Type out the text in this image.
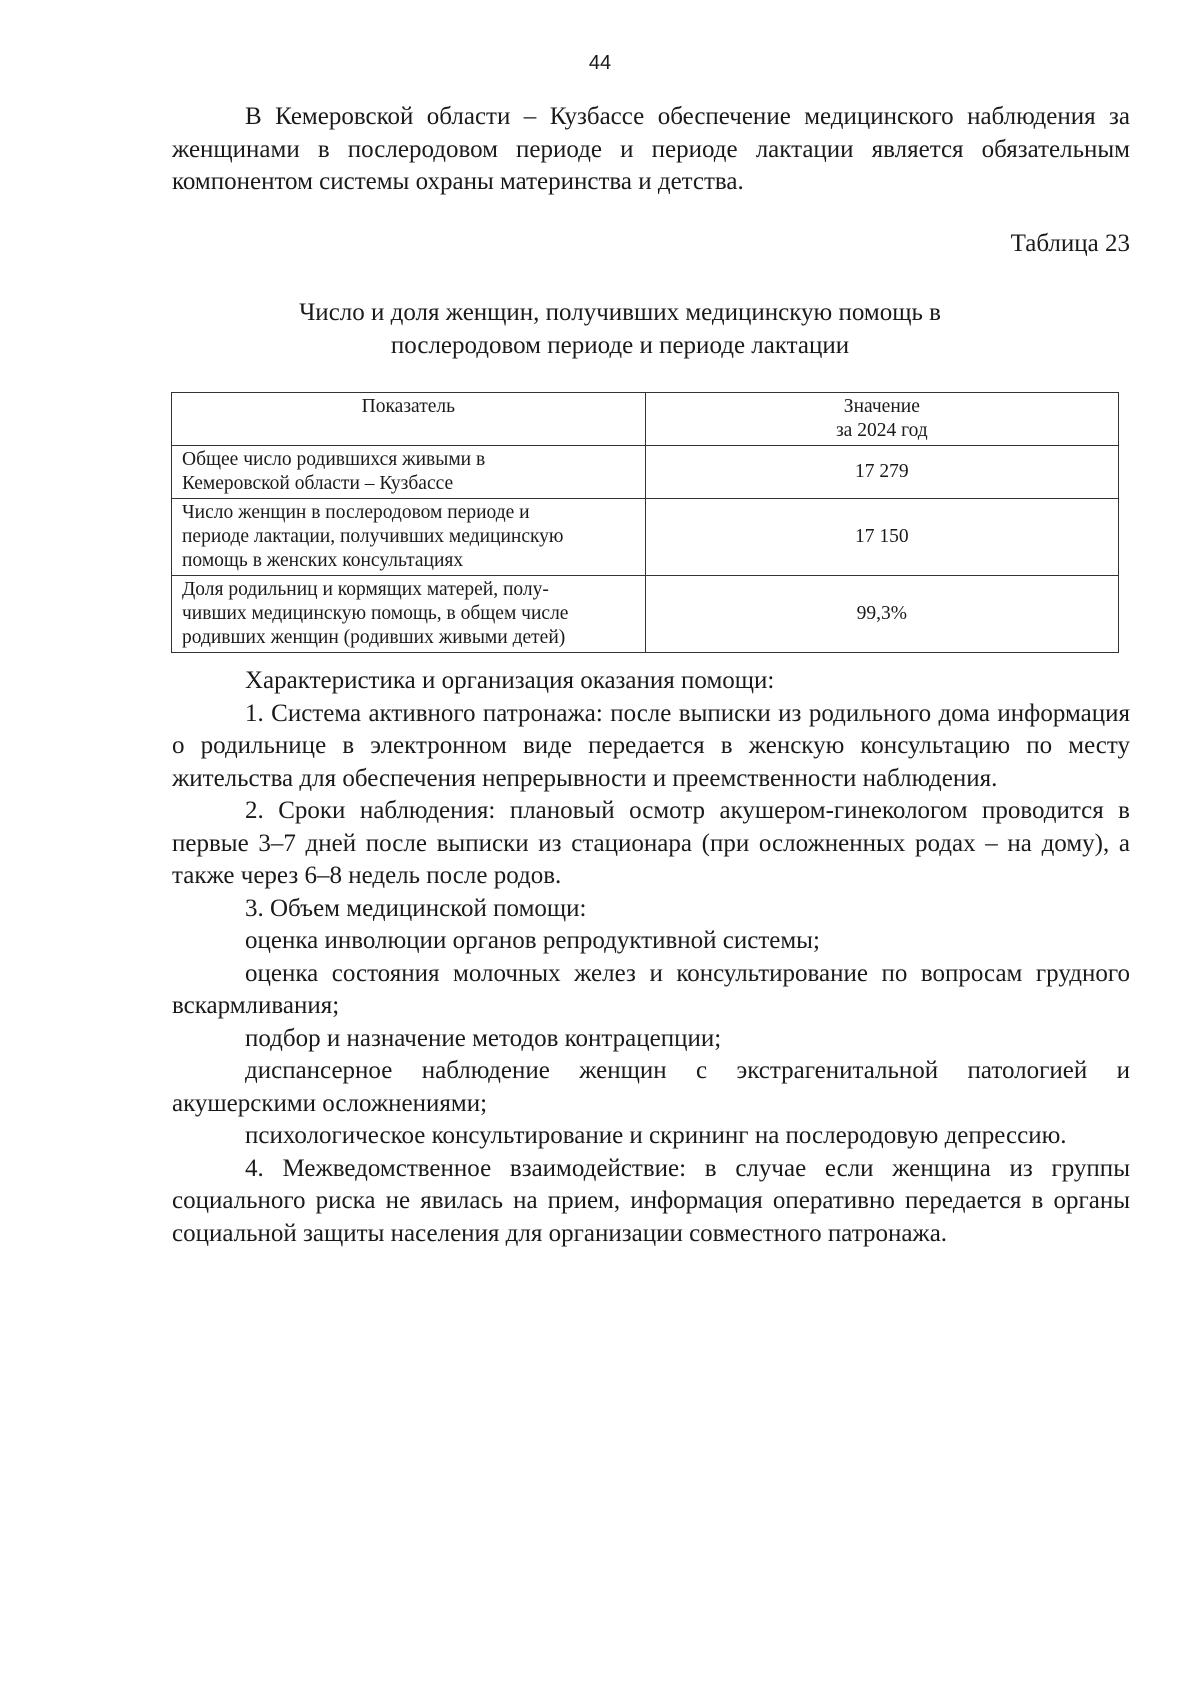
44

В Кемеровской области – Кузбассе обеспечение медицинского наблюдения за женщинами в послеродовом периоде и периоде лактации является обязательным компонентом системы охраны материнства и детства.

Таблица 23
Число и доля женщин, получивших медицинскую помощь в
послеродовом периоде и периоде лактации
Показатель	Значение
за 2024 год

Общее число родившихся живыми в
Кемеровской области – Кузбассе	17 279

Число женщин в послеродовом периоде и
периоде лактации, получивших медицинскую
помощь в женских консультациях	17 150

Доля родильниц и кормящих матерей, полу-
чивших медицинскую помощь, в общем числе
родивших женщин (родивших живыми детей)	99,3%

Характеристика и организация оказания помощи:

1. Система активного патронажа: после выписки из родильного дома информация о родильнице в электронном виде передается в женскую консультацию по месту жительства для обеспечения непрерывности и преемственности наблюдения.

2. Сроки наблюдения: плановый осмотр акушером-гинекологом проводится в первые 3–7 дней после выписки из стационара (при осложненных родах – на дому), а также через 6–8 недель после родов.

3. Объем медицинской помощи:

оценка инволюции органов репродуктивной системы;

оценка состояния молочных желез и консультирование по вопросам грудного вскармливания;

подбор и назначение методов контрацепции;

диспансерное наблюдение женщин с экстрагенитальной патологией и акушерскими осложнениями;

психологическое консультирование и скрининг на послеродовую депрессию.

4. Межведомственное взаимодействие: в случае если женщина из группы социального риска не явилась на прием, информация оперативно передается в органы социальной защиты населения для организации совместного патронажа.
